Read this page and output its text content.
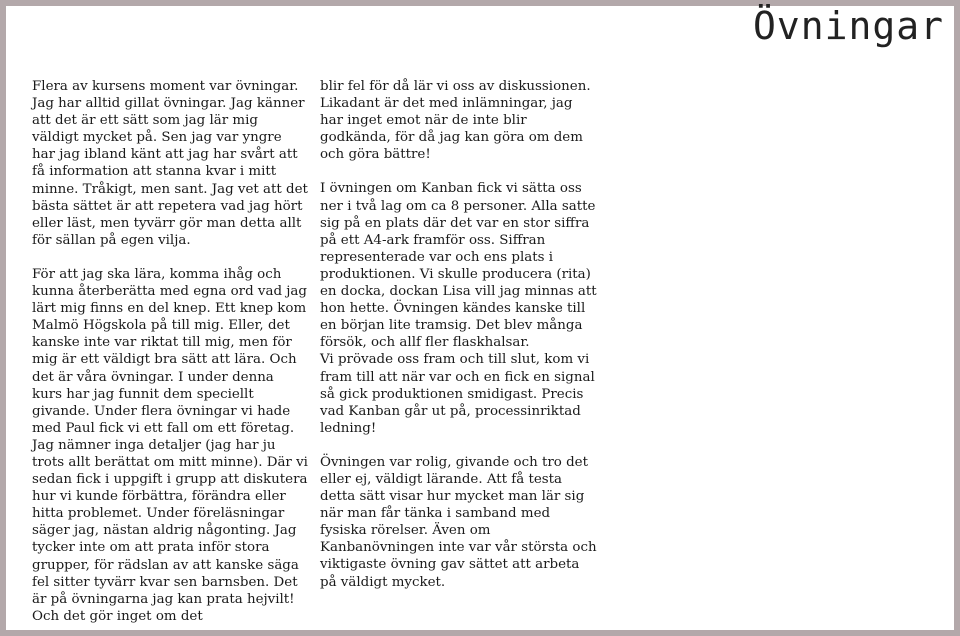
Övningar

Flera av kursens moment var övningar. Jag har alltid gillat övningar. Jag känner att det är ett sätt som jag lär mig väldigt mycket på. Sen jag var yngre har jag ibland känt att jag har svårt att få information att stanna kvar i mitt minne. Tråkigt, men sant. Jag vet att det bästa sättet är att repetera vad jag hört eller läst, men tyvärr gör man detta allt för sällan på egen vilja.

För att jag ska lära, komma ihåg och kunna återberätta med egna ord vad jag lärt mig finns en del knep. Ett knep kom Malmö Högskola på till mig. Eller, det kanske inte var riktat till mig, men för mig är ett väldigt bra sätt att lära. Och det är våra övningar. I under denna kurs har jag funnit dem speciellt givande. Under flera övningar vi hade med Paul fick vi ett fall om ett företag. Jag nämner inga detaljer (jag har ju trots allt berättat om mitt minne). Där vi sedan fick i uppgift i grupp att diskutera hur vi kunde förbättra, förändra eller hitta problemet. Under föreläsningar säger jag, nästan aldrig någonting. Jag tycker inte om att prata inför stora grupper, för rädslan av att kanske säga fel sitter tyvärr kvar sen barnsben. Det är på övningarna jag kan prata hejvilt! Och det gör inget om det

blir fel för då lär vi oss av diskussionen. Likadant är det med inlämningar, jag har inget emot när de inte blir godkända, för då jag kan göra om dem och göra bättre!

I övningen om Kanban fick vi sätta oss ner i två lag om ca 8 personer. Alla satte sig på en plats där det var en stor siffra på ett A4-ark framför oss. Siffran representerade var och ens plats i produktionen. Vi skulle producera (rita) en docka, dockan Lisa vill jag minnas att hon hette. Övningen kändes kanske till en början lite tramsig. Det blev många försök, och allf fler flaskhalsar.

Vi prövade oss fram och till slut, kom vi fram till att när var och en fick en signal så gick produktionen smidigast. Precis vad Kanban går ut på, processinriktad ledning!

Övningen var rolig, givande och tro det eller ej, väldigt lärande. Att få testa detta sätt visar hur mycket man lär sig när man får tänka i samband med fysiska rörelser. Även om Kanbanövningen inte var vår största och viktigaste övning gav sättet att arbeta på väldigt mycket.
